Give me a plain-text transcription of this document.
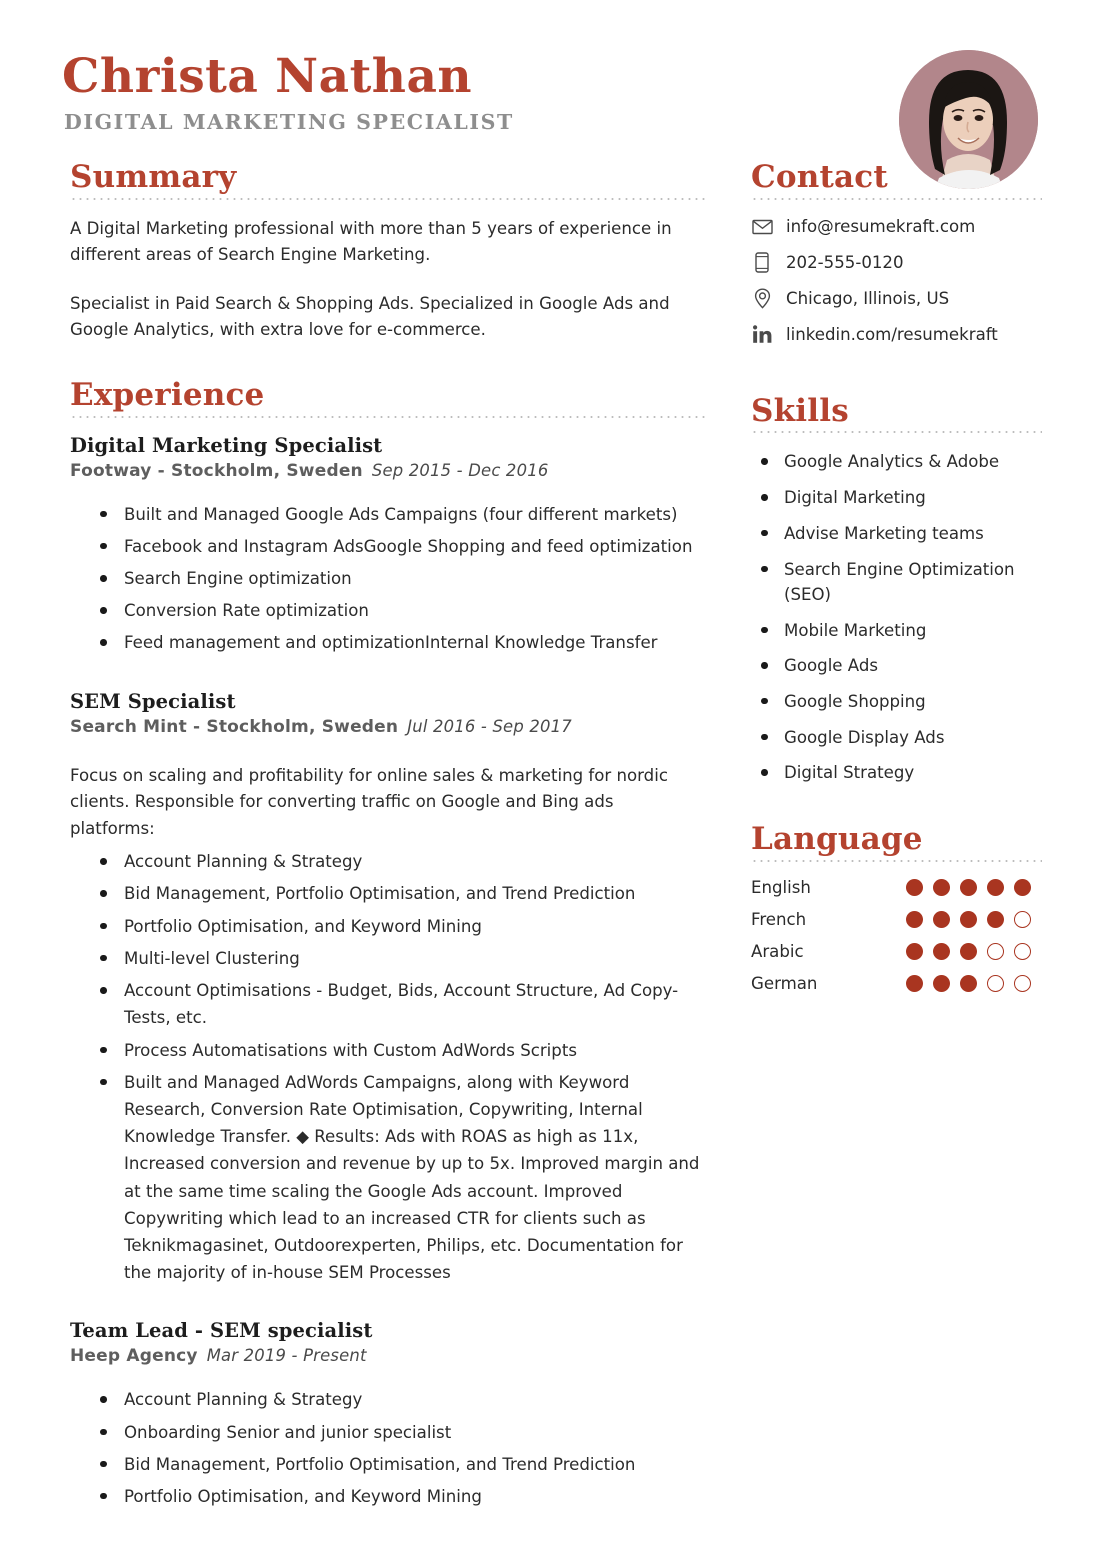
Christa Nathan
DIGITAL MARKETING SPECIALIST
Summary

A Digital Marketing professional with more than 5 years of experience in different areas of Search Engine Marketing.

Specialist in Paid Search & Shopping Ads. Specialized in Google Ads and Google Analytics, with extra love for e-commerce.

Experience
Digital Marketing Specialist
Footway - Stockholm, Sweden Sep 2015 - Dec 2016
Built and Managed Google Ads Campaigns (four different markets)
Facebook and Instagram AdsGoogle Shopping and feed optimization
Search Engine optimization
Conversion Rate optimization
Feed management and optimizationInternal Knowledge Transfer
SEM Specialist
Search Mint - Stockholm, Sweden Jul 2016 - Sep 2017

Focus on scaling and profitability for online sales & marketing for nordic clients. Responsible for converting traffic on Google and Bing ads platforms:

Account Planning & Strategy
Bid Management, Portfolio Optimisation, and Trend Prediction
Portfolio Optimisation, and Keyword Mining
Multi-level Clustering
Account Optimisations - Budget, Bids, Account Structure, Ad Copy-Tests, etc.
Process Automatisations with Custom AdWords Scripts
Built and Managed AdWords Campaigns, along with Keyword Research, Conversion Rate Optimisation, Copywriting, Internal Knowledge Transfer. ◆ Results: Ads with ROAS as high as 11x, Increased conversion and revenue by up to 5x. Improved margin and at the same time scaling the Google Ads account. Improved Copywriting which lead to an increased CTR for clients such as Teknikmagasinet, Outdoorexperten, Philips, etc. Documentation for the majority of in-house SEM Processes
Team Lead - SEM specialist
Heep Agency Mar 2019 - Present
Account Planning & Strategy
Onboarding Senior and junior specialist
Bid Management, Portfolio Optimisation, and Trend Prediction
Portfolio Optimisation, and Keyword Mining
Contact
info@resumekraft.com
202-555-0120
Chicago, Illinois, US
linkedin.com/resumekraft
Skills
Google Analytics & Adobe
Digital Marketing
Advise Marketing teams
Search Engine Optimization (SEO)
Mobile Marketing
Google Ads
Google Shopping
Google Display Ads
Digital Strategy
Language
English
French
Arabic
German
